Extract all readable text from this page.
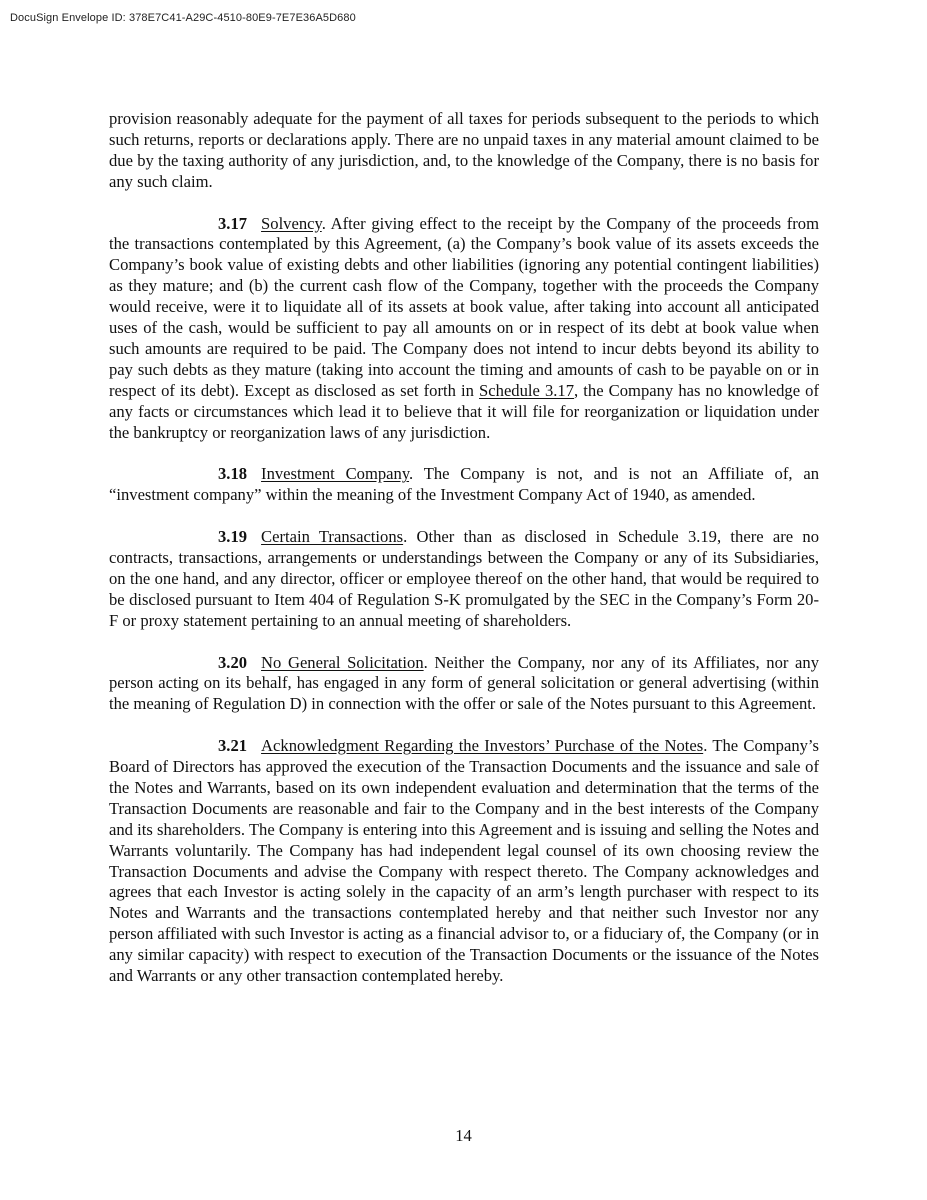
DocuSign Envelope ID: 378E7C41-A29C-4510-80E9-7E7E36A5D680

provision reasonably adequate for the payment of all taxes for periods subsequent to the periods to which such returns, reports or declarations apply. There are no unpaid taxes in any material amount claimed to be due by the taxing authority of any jurisdiction, and, to the knowledge of the Company, there is no basis for any such claim.

3.17 Solvency. After giving effect to the receipt by the Company of the proceeds from the transactions contemplated by this Agreement, (a) the Company’s book value of its assets exceeds the Company’s book value of existing debts and other liabilities (ignoring any potential contingent liabilities) as they mature; and (b) the current cash flow of the Company, together with the proceeds the Company would receive, were it to liquidate all of its assets at book value, after taking into account all anticipated uses of the cash, would be sufficient to pay all amounts on or in respect of its debt at book value when such amounts are required to be paid. The Company does not intend to incur debts beyond its ability to pay such debts as they mature (taking into account the timing and amounts of cash to be payable on or in respect of its debt). Except as disclosed as set forth in Schedule 3.17, the Company has no knowledge of any facts or circumstances which lead it to believe that it will file for reorganization or liquidation under the bankruptcy or reorganization laws of any jurisdiction.

3.18 Investment Company. The Company is not, and is not an Affiliate of, an “investment company” within the meaning of the Investment Company Act of 1940, as amended.

3.19 Certain Transactions. Other than as disclosed in Schedule 3.19, there are no contracts, transactions, arrangements or understandings between the Company or any of its Subsidiaries, on the one hand, and any director, officer or employee thereof on the other hand, that would be required to be disclosed pursuant to Item 404 of Regulation S-K promulgated by the SEC in the Company’s Form 20-F or proxy statement pertaining to an annual meeting of shareholders.

3.20 No General Solicitation. Neither the Company, nor any of its Affiliates, nor any person acting on its behalf, has engaged in any form of general solicitation or general advertising (within the meaning of Regulation D) in connection with the offer or sale of the Notes pursuant to this Agreement.

3.21 Acknowledgment Regarding the Investors’ Purchase of the Notes. The Company’s Board of Directors has approved the execution of the Transaction Documents and the issuance and sale of the Notes and Warrants, based on its own independent evaluation and determination that the terms of the Transaction Documents are reasonable and fair to the Company and in the best interests of the Company and its shareholders. The Company is entering into this Agreement and is issuing and selling the Notes and Warrants voluntarily. The Company has had independent legal counsel of its own choosing review the Transaction Documents and advise the Company with respect thereto. The Company acknowledges and agrees that each Investor is acting solely in the capacity of an arm’s length purchaser with respect to its Notes and Warrants and the transactions contemplated hereby and that neither such Investor nor any person affiliated with such Investor is acting as a financial advisor to, or a fiduciary of, the Company (or in any similar capacity) with respect to execution of the Transaction Documents or the issuance of the Notes and Warrants or any other transaction contemplated hereby.

14
